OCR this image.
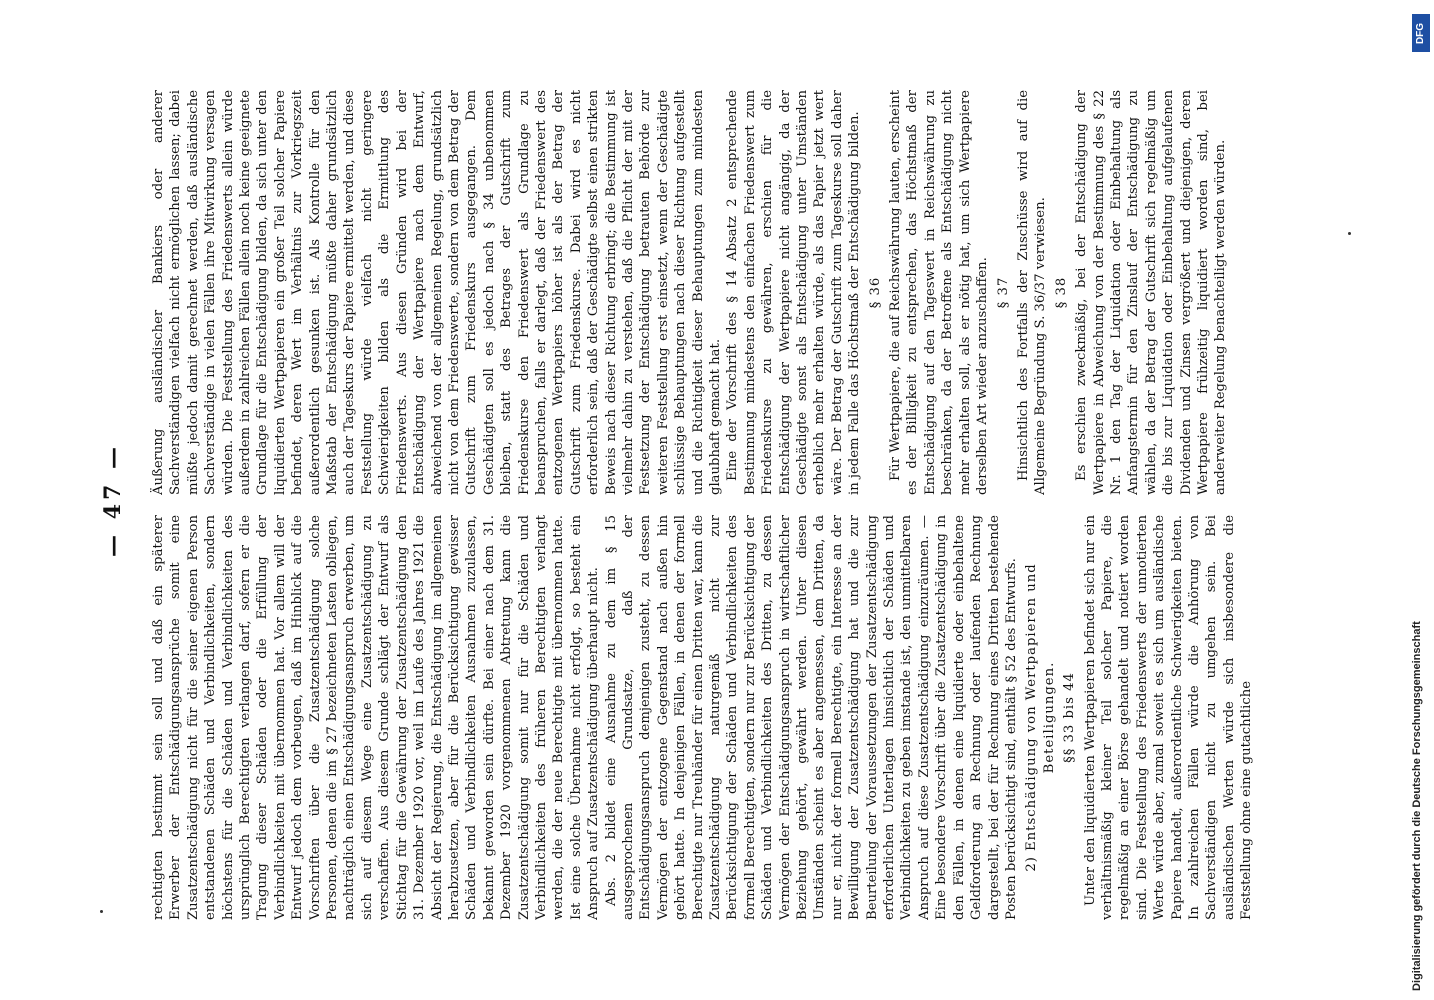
— 47 —

rechtigten bestimmt sein soll und daß ein späterer Erwerber der Entschädigungsansprüche somit eine Zusatzentschädigung nicht für die seiner eigenen Person entstandenen Schäden und Verbindlichkeiten, sondern höchstens für die Schäden und Verbindlichkeiten des ursprünglich Berechtigten verlangen darf, sofern er die Tragung dieser Schäden oder die Erfüllung der Verbindlichkeiten mit übernommen hat. Vor allem will der Entwurf jedoch dem vorbeugen, daß im Hinblick auf die Vorschriften über die Zusatzentschädigung solche Personen, denen die im § 27 bezeichneten Lasten obliegen, nachträglich einen Entschädigungsanspruch erwerben, um sich auf diesem Wege eine Zusatzentschädigung zu verschaffen. Aus diesem Grunde schlägt der Entwurf als Stichtag für die Gewährung der Zusatzentschädigung den 31. Dezember 1920 vor, weil im Laufe des Jahres 1921 die Absicht der Regierung, die Entschädigung im allgemeinen herabzusetzen, aber für die Berücksichtigung gewisser Schäden und Verbindlichkeiten Ausnahmen zuzulassen, bekannt geworden sein dürfte. Bei einer nach dem 31. Dezember 1920 vorgenommenen Abtretung kann die Zusatzentschädigung somit nur für die Schäden und Verbindlichkeiten des früheren Berechtigten verlangt werden, die der neue Berechtigte mit übernommen hatte. Ist eine solche Übernahme nicht erfolgt, so besteht ein Anspruch auf Zusatzentschädigung überhaupt nicht. Abs. 2 bildet eine Ausnahme zu dem im § 15 ausgesprochenen Grundsatze, daß der Entschädigungsanspruch demjenigen zusteht, zu dessen Vermögen der entzogene Gegenstand nach außen hin gehört hatte. In denjenigen Fällen, in denen der formell Berechtigte nur Treuhänder für einen Dritten war, kann die Zusatzentschädigung naturgemäß nicht zur Berücksichtigung der Schäden und Verbindlichkeiten des formell Berechtigten, sondern nur zur Berücksichtigung der Schäden und Verbindlichkeiten des Dritten, zu dessen Vermögen der Entschädigungsanspruch in wirtschaftlicher Beziehung gehört, gewährt werden. Unter diesen Umständen scheint es aber angemessen, dem Dritten, da nur er, nicht der formell Berechtigte, ein Interesse an der Bewilligung der Zusatzentschädigung hat und die zur Beurteilung der Voraussetzungen der Zusatzentschädigung erforderlichen Unterlagen hinsichtlich der Schäden und Verbindlichkeiten zu geben imstande ist, den unmittelbaren Anspruch auf diese Zusatzentschädigung einzuräumen. — Eine besondere Vorschrift über die Zusatzentschädigung in den Fällen, in denen eine liquidierte oder einbehaltene Geldforderung an Rechnung oder laufenden Rechnung dargestellt, bei der für Rechnung eines Dritten bestehende Posten berücksichtigt sind, enthält § 52 des Entwurfs. 2) Entschädigung von Wertpapieren und Beteiligungen. §§ 33 bis 44 Unter den liquidierten Wertpapieren befindet sich nur ein verhältnismäßig kleiner Teil solcher Papiere, die regelmäßig an einer Börse gehandelt und notiert worden sind. Die Feststellung des Friedenswerts der unnotierten Werte würde aber, zumal soweit es sich um ausländische Papiere handelt, außerordentliche Schwierigkeiten bieten. In zahlreichen Fällen würde die Anhörung von Sachverständigen nicht zu umgehen sein. Bei ausländischen Werten würde sich insbesondere die Feststellung ohne eine gutachtliche

Äußerung ausländischer Bankiers oder anderer Sachverständigen vielfach nicht ermöglichen lassen; dabei müßte jedoch damit gerechnet werden, daß ausländische Sachverständige in vielen Fällen ihre Mitwirkung versagen würden. Die Feststellung des Friedenswerts allein würde außerdem in zahlreichen Fällen allein noch keine geeignete Grundlage für die Entschädigung bilden, da sich unter den liquidierten Wertpapieren ein großer Teil solcher Papiere befindet, deren Wert im Verhältnis zur Vorkriegszeit außerordentlich gesunken ist. Als Kontrolle für den Maßstab der Entschädigung müßte daher grundsätzlich auch der Tageskurs der Papiere ermittelt werden, und diese Feststellung würde vielfach nicht geringere Schwierigkeiten bilden als die Ermittlung des Friedenswerts. Aus diesen Gründen wird bei der Entschädigung der Wertpapiere nach dem Entwurf, abweichend von der allgemeinen Regelung, grundsätzlich nicht von dem Friedenswerte, sondern von dem Betrag der Gutschrift zum Friedenskurs ausgegangen. Dem Geschädigten soll es jedoch nach § 34 unbenommen bleiben, statt des Betrages der Gutschrift zum Friedenskurse den Friedenswert als Grundlage zu beanspruchen, falls er darlegt, daß der Friedenswert des entzogenen Wertpapiers höher ist als der Betrag der Gutschrift zum Friedenskurse. Dabei wird es nicht erforderlich sein, daß der Geschädigte selbst einen strikten Beweis nach dieser Richtung erbringt; die Bestimmung ist vielmehr dahin zu verstehen, daß die Pflicht der mit der Festsetzung der Entschädigung betrauten Behörde zur weiteren Feststellung erst einsetzt, wenn der Geschädigte schlüssige Behauptungen nach dieser Richtung aufgestellt und die Richtigkeit dieser Behauptungen zum mindesten glaubhaft gemacht hat. Eine der Vorschrift des § 14 Absatz 2 entsprechende Bestimmung mindestens den einfachen Friedenswert zum Friedenskurse zu gewähren, erschien für die Entschädigung der Wertpapiere nicht angängig, da der Geschädigte sonst als Entschädigung unter Umständen erheblich mehr erhalten würde, als das Papier jetzt wert wäre. Der Betrag der Gutschrift zum Tageskurse soll daher in jedem Falle das Höchstmaß der Entschädigung bilden. § 36 Für Wertpapiere, die auf Reichswährung lauten, erscheint es der Billigkeit zu entsprechen, das Höchstmaß der Entschädigung auf den Tageswert in Reichswährung zu beschränken, da der Betroffene als Entschädigung nicht mehr erhalten soll, als er nötig hat, um sich Wertpapiere derselben Art wieder anzuschaffen. § 37 Hinsichtlich des Fortfalls der Zuschüsse wird auf die Allgemeine Begründung S. 36/37 verwiesen. § 38 Es erschien zweckmäßig, bei der Entschädigung der Wertpapiere in Abweichung von der Bestimmung des § 22 Nr. 1 den Tag der Liquidation oder Einbehaltung als Anfangstermin für den Zinslauf der Entschädigung zu wählen, da der Betrag der Gutschrift sich regelmäßig um die bis zur Liquidation oder Einbehaltung aufgelaufenen Dividenden und Zinsen vergrößert und diejenigen, deren Wertpapiere frühzeitig liquidiert worden sind, bei anderweiter Regelung benachteiligt werden würden.

DFG
Digitalisierung gefördert durch die Deutsche Forschungsgemeinschaft
